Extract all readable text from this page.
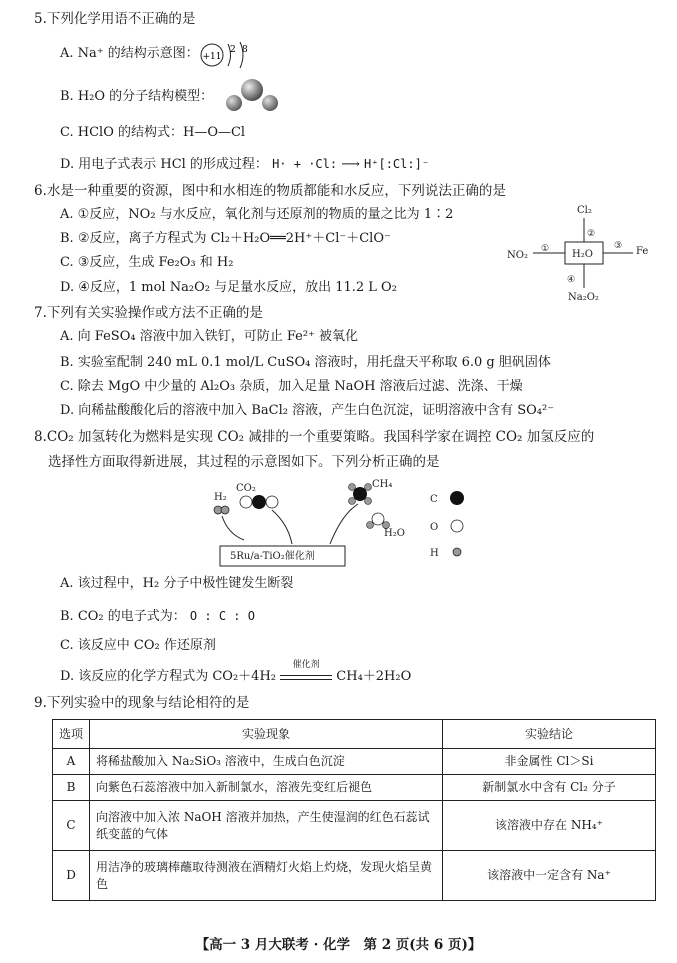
5.下列化学用语不正确的是
A. Na⁺ 的结构示意图： +11
2 8
B. H₂O 的分子结构模型：
C. HClO 的结构式：H—O—Cl
D. 用电子式表示 HCl 的形成过程： H· + ·Cl: ⟶ H⁺[:Cl:]⁻
6.水是一种重要的资源，图中和水相连的物质都能和水反应，下列说法正确的是
A. ①反应，NO₂ 与水反应，氧化剂与还原剂的物质的量之比为 1∶2
B. ②反应，离子方程式为 Cl₂＋H₂O══2H⁺＋Cl⁻＋ClO⁻
C. ③反应，生成 Fe₂O₃ 和 H₂
D. ④反应，1 mol Na₂O₂ 与足量水反应，放出 11.2 L O₂
Cl₂
NO₂	Fe
Na₂O₂
H₂O
①
②
③
④
7.下列有关实验操作或方法不正确的是
A. 向 FeSO₄ 溶液中加入铁钉，可防止 Fe²⁺ 被氧化
B. 实验室配制 240 mL 0.1 mol/L CuSO₄ 溶液时，用托盘天平称取 6.0 g 胆矾固体
C. 除去 MgO 中少量的 Al₂O₃ 杂质，加入足量 NaOH 溶液后过滤、洗涤、干燥
D. 向稀盐酸酸化后的溶液中加入 BaCl₂ 溶液，产生白色沉淀，证明溶液中含有 SO₄²⁻
8.CO₂ 加氢转化为燃料是实现 CO₂ 减排的一个重要策略。我国科学家在调控 CO₂ 加氢反应的
选择性方面取得新进展，其过程的示意图如下。下列分析正确的是
H₂
CO₂	CH₄
H₂O
5Ru/a-TiO₂催化剂
C
O
H
A. 该过程中，H₂ 分子中极性键发生断裂
B. CO₂ 的电子式为： O : C : O
C. 该反应中 CO₂ 作还原剂
D. 该反应的化学方程式为 CO₂＋4H₂
催化剂
CH₄＋2H₂O
9.下列实验中的现象与结论相符的是
选项	实验现象	实验结论
A	将稀盐酸加入 Na₂SiO₃ 溶液中，生成白色沉淀	非金属性 Cl＞Si
B	向紫色石蕊溶液中加入新制氯水，溶液先变红后褪色	新制氯水中含有 Cl₂ 分子
C	向溶液中加入浓 NaOH 溶液并加热，产生使湿润的红色石蕊试纸变蓝的气体	该溶液中存在 NH₄⁺
D	用洁净的玻璃棒蘸取待测液在酒精灯火焰上灼烧，发现火焰呈黄色	该溶液中一定含有 Na⁺
【高一 3 月大联考 · 化学　第 2 页(共 6 页)】
